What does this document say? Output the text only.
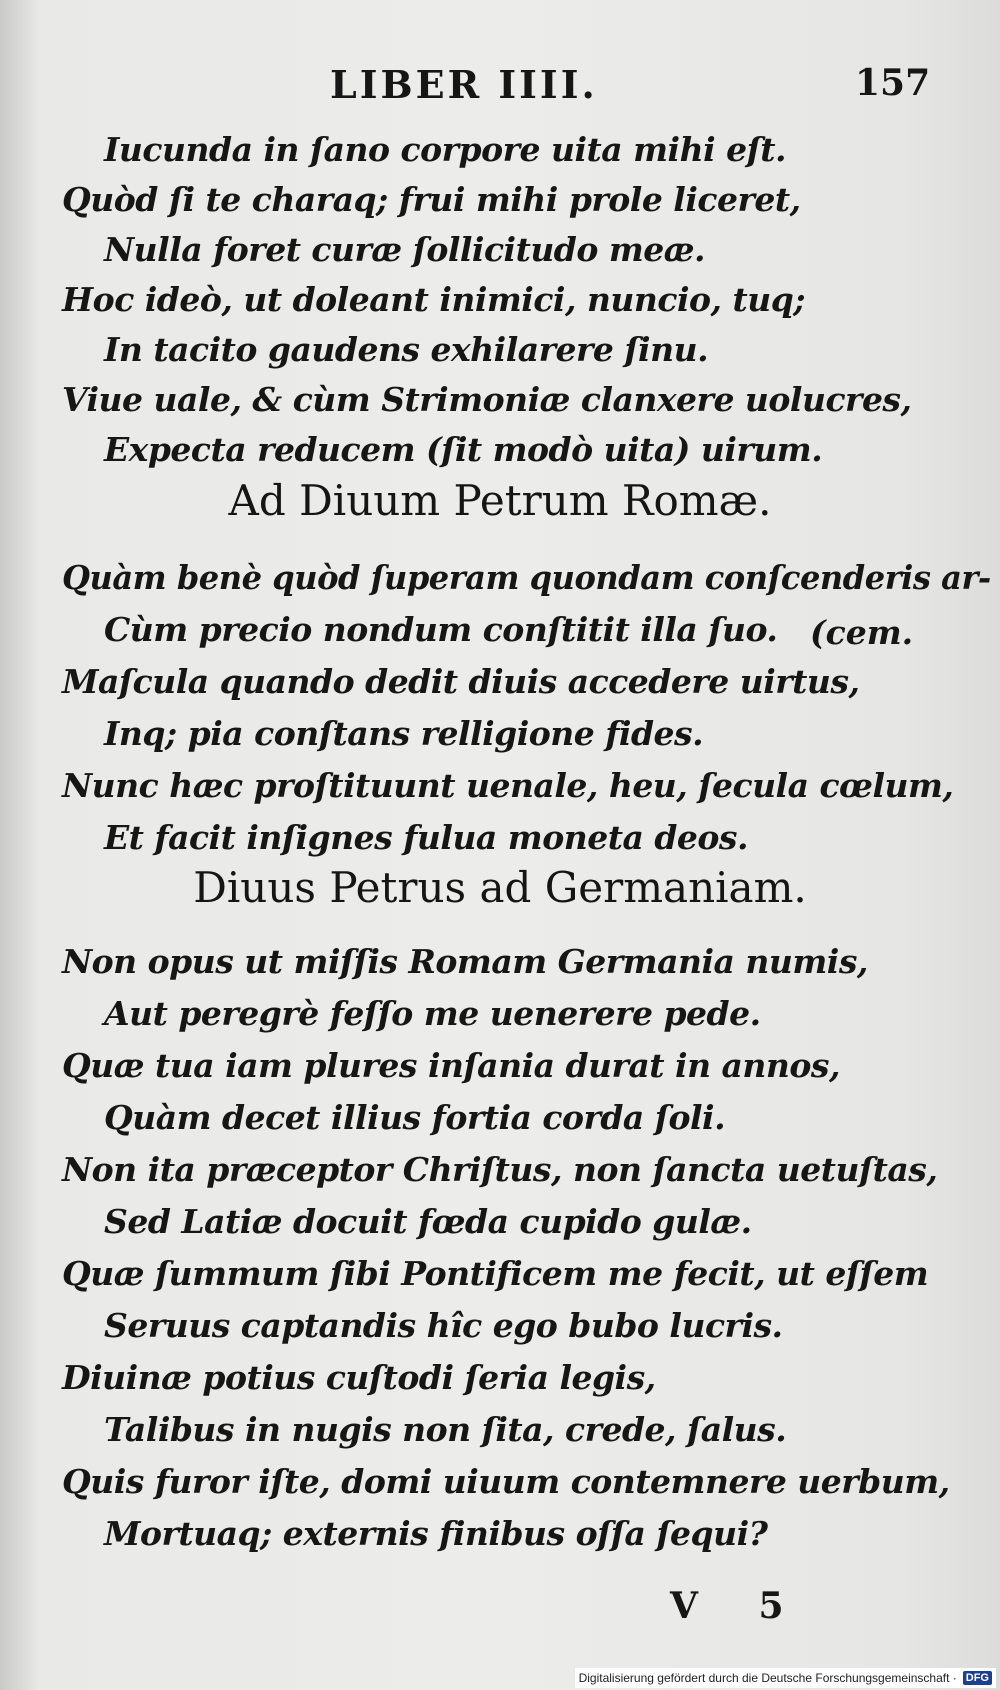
LIBER IIII.	157
Iucunda in ſano corpore uita mihi eſt.
Quòd ſi te charaq; frui mihi prole liceret,
Nulla foret curæ ſollicitudo meæ.
Hoc ideò, ut doleant inimici, nuncio, tuq;
In tacito gaudens exhilarere ſinu.
Viue uale, & cùm Strimoniæ clanxere uolucres,
Expecta reducem (ſit modò uita) uirum.
Ad Diuum Petrum Romæ.
Quàm benè quòd ſuperam quondam conſcenderis ar-
Cùm precio nondum conſtitit illa ſuo.
Maſcula quando dedit diuis accedere uirtus,
Inq; pia conſtans relligione fides.
Nunc hæc proſtituunt uenale, heu, ſecula cœlum,
Et facit inſignes fulua moneta deos.
Diuus Petrus ad Germaniam.
Non opus ut miſſis Romam Germania numis,
Aut peregrè feſſo me uenerere pede.
Quæ tua iam plures inſania durat in annos,
Quàm decet illius fortia corda ſoli.
Non ita præceptor Chriſtus, non ſancta uetuſtas,
Sed Latiæ docuit fœda cupido gulæ.
Quæ ſummum ſibi Pontificem me fecit, ut eſſem
Seruus captandis hîc ego bubo lucris.
Diuinæ potius cuſtodi ſeria legis,
Talibus in nugis non ſita, crede, ſalus.
Quis furor iſte, domi uiuum contemnere uerbum,
Mortuaq; externis finibus oſſa ſequi?
(cem.
V 5
Digitalisierung gefördert durch die Deutsche Forschungsgemeinschaft · DFG
